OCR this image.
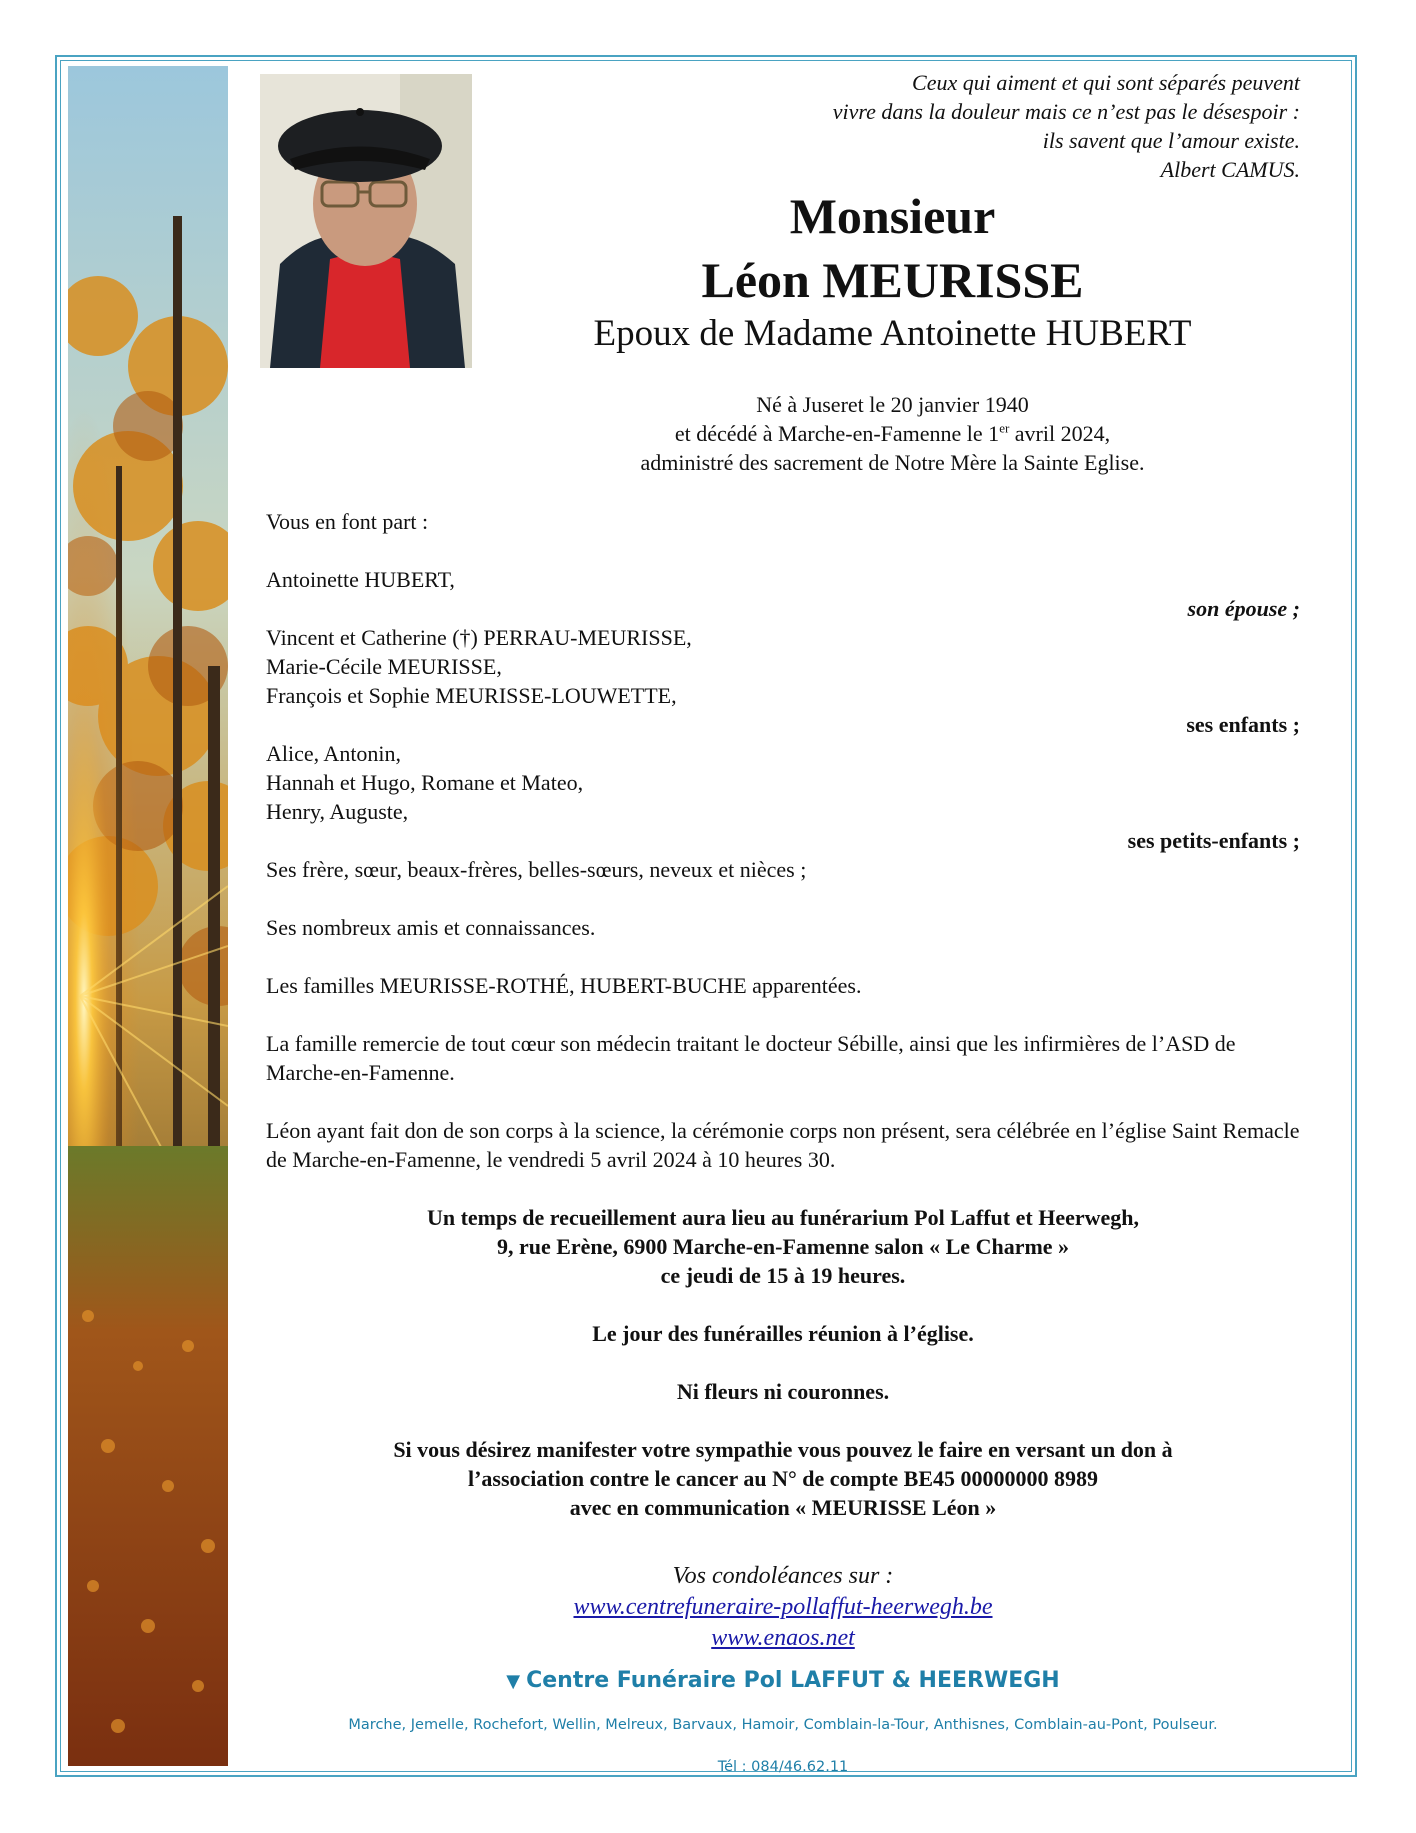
Ceux qui aiment et qui sont séparés peuvent
vivre dans la douleur mais ce n’est pas le désespoir :
ils savent que l’amour existe.
Albert CAMUS.
Monsieur
Léon MEURISSE
Epoux de Madame Antoinette HUBERT
Né à Juseret le 20 janvier 1940
et décédé à Marche-en-Famenne le 1er avril 2024,
administré des sacrement de Notre Mère la Sainte Eglise.

Vous en font part :

Antoinette HUBERT,

son épouse ;

Vincent et Catherine (†) PERRAU-MEURISSE,

Marie-Cécile MEURISSE,

François et Sophie MEURISSE-LOUWETTE,

ses enfants ;

Alice, Antonin,

Hannah et Hugo, Romane et Mateo,

Henry, Auguste,

ses petits-enfants ;

Ses frère, sœur, beaux-frères, belles-sœurs, neveux et nièces ;

Ses nombreux amis et connaissances.

Les familles MEURISSE-ROTHÉ, HUBERT-BUCHE apparentées.

La famille remercie de tout cœur son médecin traitant le docteur Sébille, ainsi que les infirmières de l’ASD de Marche-en-Famenne.

Léon ayant fait don de son corps à la science, la cérémonie corps non présent, sera célébrée en l’église Saint Remacle de Marche-en-Famenne, le vendredi 5 avril 2024 à 10 heures 30.

Un temps de recueillement aura lieu au funérarium Pol Laffut et Heerwegh,

9, rue Erène, 6900 Marche-en-Famenne salon « Le Charme »

ce jeudi de 15 à 19 heures.

Le jour des funérailles réunion à l’église.

Ni fleurs ni couronnes.

Si vous désirez manifester votre sympathie vous pouvez le faire en versant un don à

l’association contre le cancer au N° de compte BE45 00000000 8989

avec en communication « MEURISSE Léon »

Vos condoléances sur :
www.centrefuneraire-pollaffut-heerwegh.be
www.enaos.net
▼ Centre Funéraire Pol LAFFUT & HEERWEGH
Marche, Jemelle, Rochefort, Wellin, Melreux, Barvaux, Hamoir, Comblain-la-Tour, Anthisnes, Comblain-au-Pont, Poulseur.
Tél : 084/46.62.11
